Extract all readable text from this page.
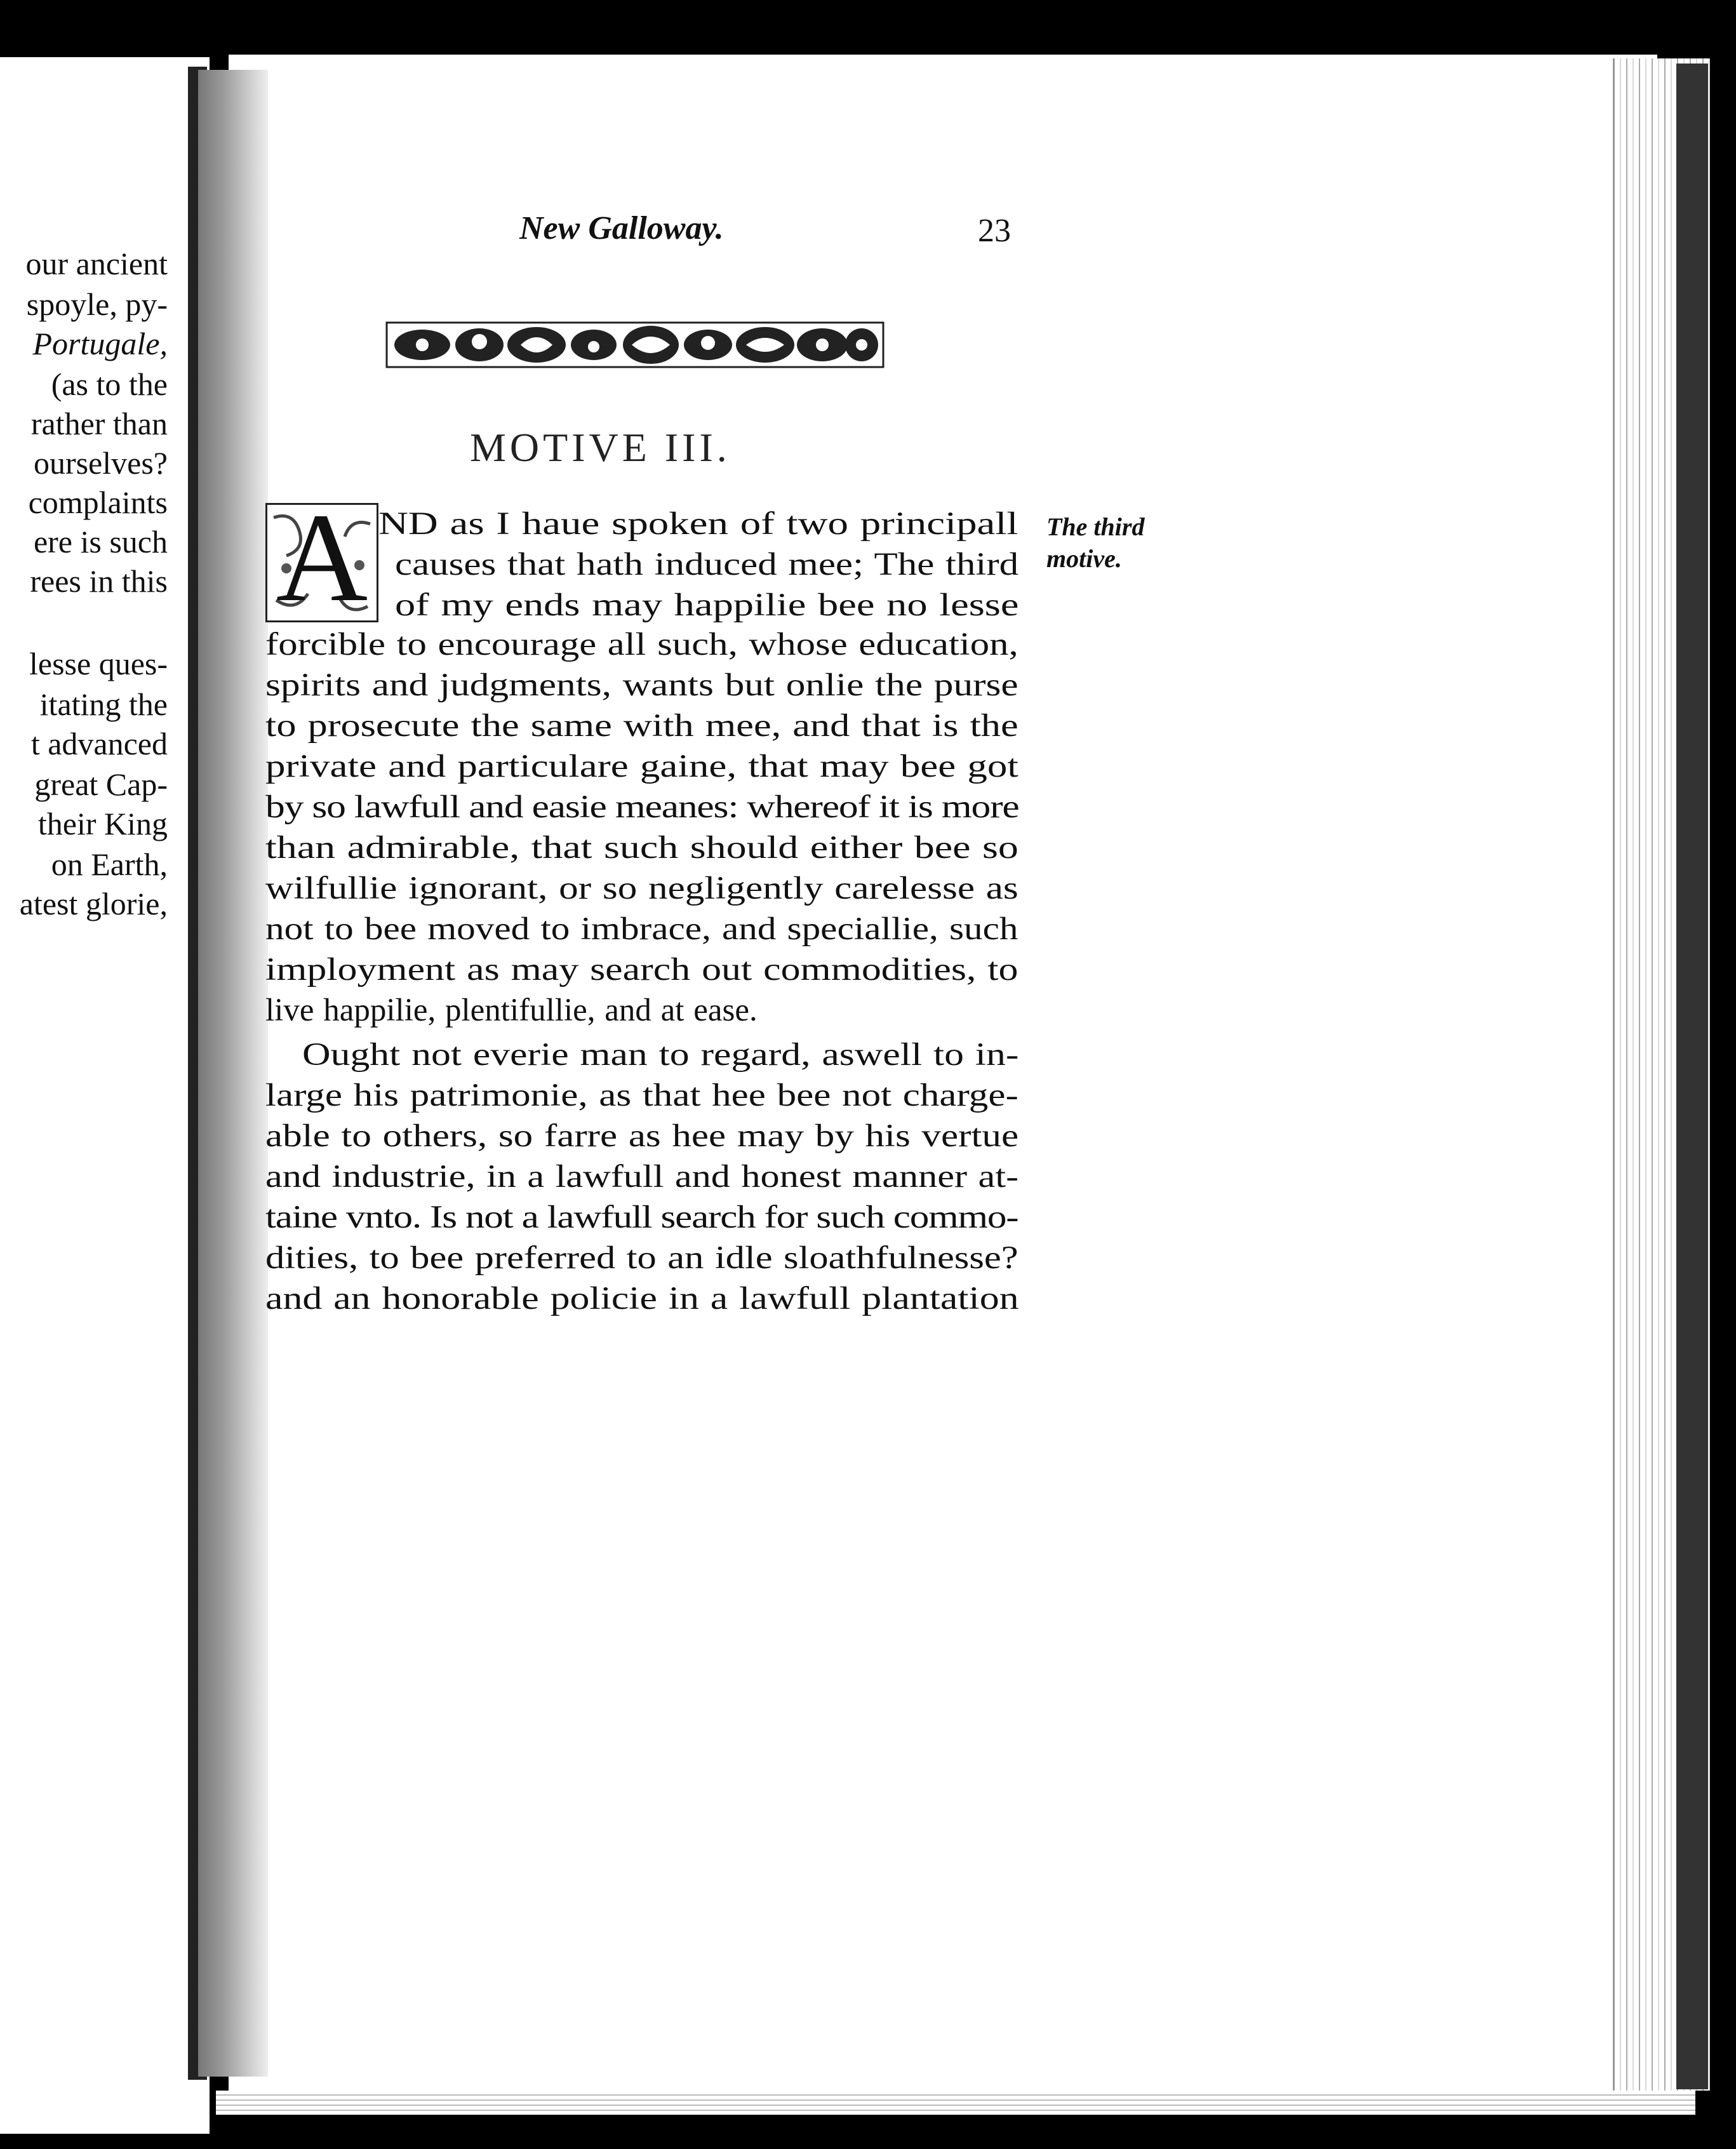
our ancient
spoyle, py-
Portugale,
(as to the
rather than
ourselves?
complaints
ere is such
rees in this
lesse ques-
itating the
t advanced
great Cap-
their King
on Earth,
atest glorie,
New Galloway.	23
MOTIVE III.
A ND as I haue spoken of two principall
causes that hath induced mee; The third
of my ends may happilie bee no lesse
forcible to encourage all such, whose education,
spirits and judgments, wants but onlie the purse
to prosecute the same with mee, and that is the
private and particulare gaine, that may bee got
by so lawfull and easie meanes: whereof it is more
than admirable, that such should either bee so
wilfullie ignorant, or so negligently carelesse as
not to bee moved to imbrace, and speciallie, such
imployment as may search out commodities, to
live happilie, plentifullie, and at ease.
Ought not everie man to regard, aswell to in-
large his patrimonie, as that hee bee not charge-
able to others, so farre as hee may by his vertue
and industrie, in a lawfull and honest manner at-
taine vnto. Is not a lawfull search for such commo-
dities, to bee preferred to an idle sloathfulnesse?
and an honorable policie in a lawfull plantation
The third
motive.
